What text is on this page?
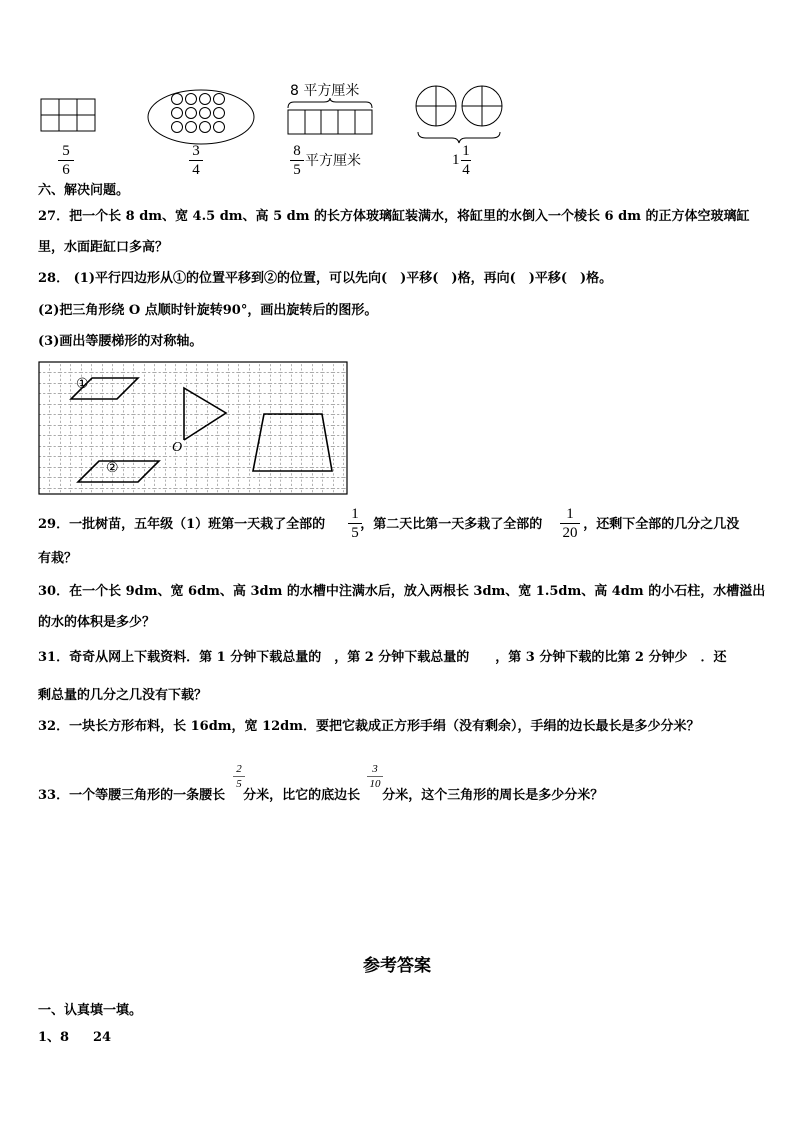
5
6
3
4
8 平方厘米
8
5
平方厘米	1
1
4
六、解决问题。
27．把一个长 8 dm、宽 4.5 dm、高 5 dm 的长方体玻璃缸装满水，将缸里的水倒入一个棱长 6 dm 的正方体空玻璃缸
里，水面距缸口多高？
28． (1)平行四边形从①的位置平移到②的位置，可以先向(　)平移(　)格，再向(　)平移(　)格。
(2)把三角形绕 O 点顺时针旋转90°，画出旋转后的图形。
(3)画出等腰梯形的对称轴。
①
②
O
29．一批树苗，五年级（1）班第一天栽了全部的	，第二天比第一天多栽了全部的	，还剩下全部的几分之几没
1
5
1
20
有栽？
30．在一个长 9dm、宽 6dm、高 3dm 的水槽中注满水后，放入两根长 3dm、宽 1.5dm、高 4dm 的小石柱，水槽溢出
的水的体积是多少？
31．奇奇从网上下载资料．第 1 分钟下载总量的　，第 2 分钟下载总量的　　，第 3 分钟下载的比第 2 分钟少　．还
剩总量的几分之几没有下载？
32．一块长方形布料，长 16dm，宽 12dm．要把它裁成正方形手绢（没有剩余），手绢的边长最长是多少分米？
33．一个等腰三角形的一条腰长 分米，比它的底边长 分米，这个三角形的周长是多少分米？
2
5
3
10
参考答案
一、认真填一填。
1、8 24
